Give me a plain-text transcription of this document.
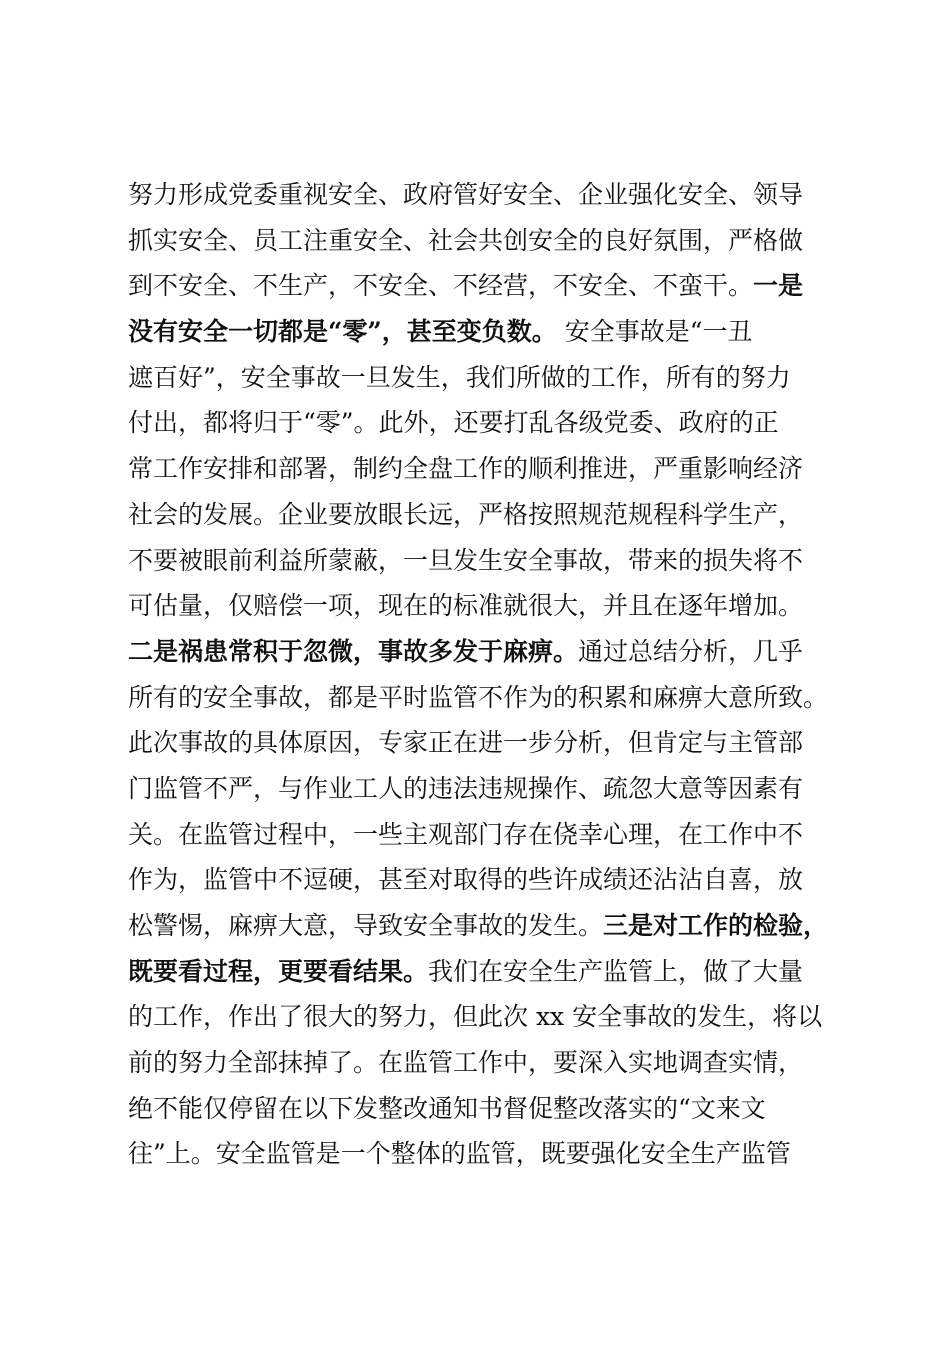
努力形成党委重视安全、政府管好安全、企业强化安全、领导
抓实安全、员工注重安全、社会共创安全的良好氛围，严格做
到不安全、不生产，不安全、不经营，不安全、不蛮干。一是
没有安全一切都是“零”，甚至变负数。 安全事故是“一丑
遮百好”，安全事故一旦发生，我们所做的工作，所有的努力
付出，都将归于“零”。此外，还要打乱各级党委、政府的正
常工作安排和部署，制约全盘工作的顺利推进，严重影响经济
社会的发展。企业要放眼长远，严格按照规范规程科学生产，
不要被眼前利益所蒙蔽，一旦发生安全事故，带来的损失将不
可估量，仅赔偿一项，现在的标准就很大，并且在逐年增加。
二是祸患常积于忽微，事故多发于麻痹。通过总结分析，几乎
所有的安全事故，都是平时监管不作为的积累和麻痹大意所致。
此次事故的具体原因，专家正在进一步分析，但肯定与主管部
门监管不严，与作业工人的违法违规操作、疏忽大意等因素有
关。在监管过程中，一些主观部门存在侥幸心理，在工作中不
作为，监管中不逗硬，甚至对取得的些许成绩还沾沾自喜，放
松警惕，麻痹大意，导致安全事故的发生。三是对工作的检验，
既要看过程，更要看结果。我们在安全生产监管上，做了大量
的工作，作出了很大的努力，但此次 xx 安全事故的发生，将以
前的努力全部抹掉了。在监管工作中，要深入实地调查实情，
绝不能仅停留在以下发整改通知书督促整改落实的“文来文
往”上。安全监管是一个整体的监管，既要强化安全生产监管
